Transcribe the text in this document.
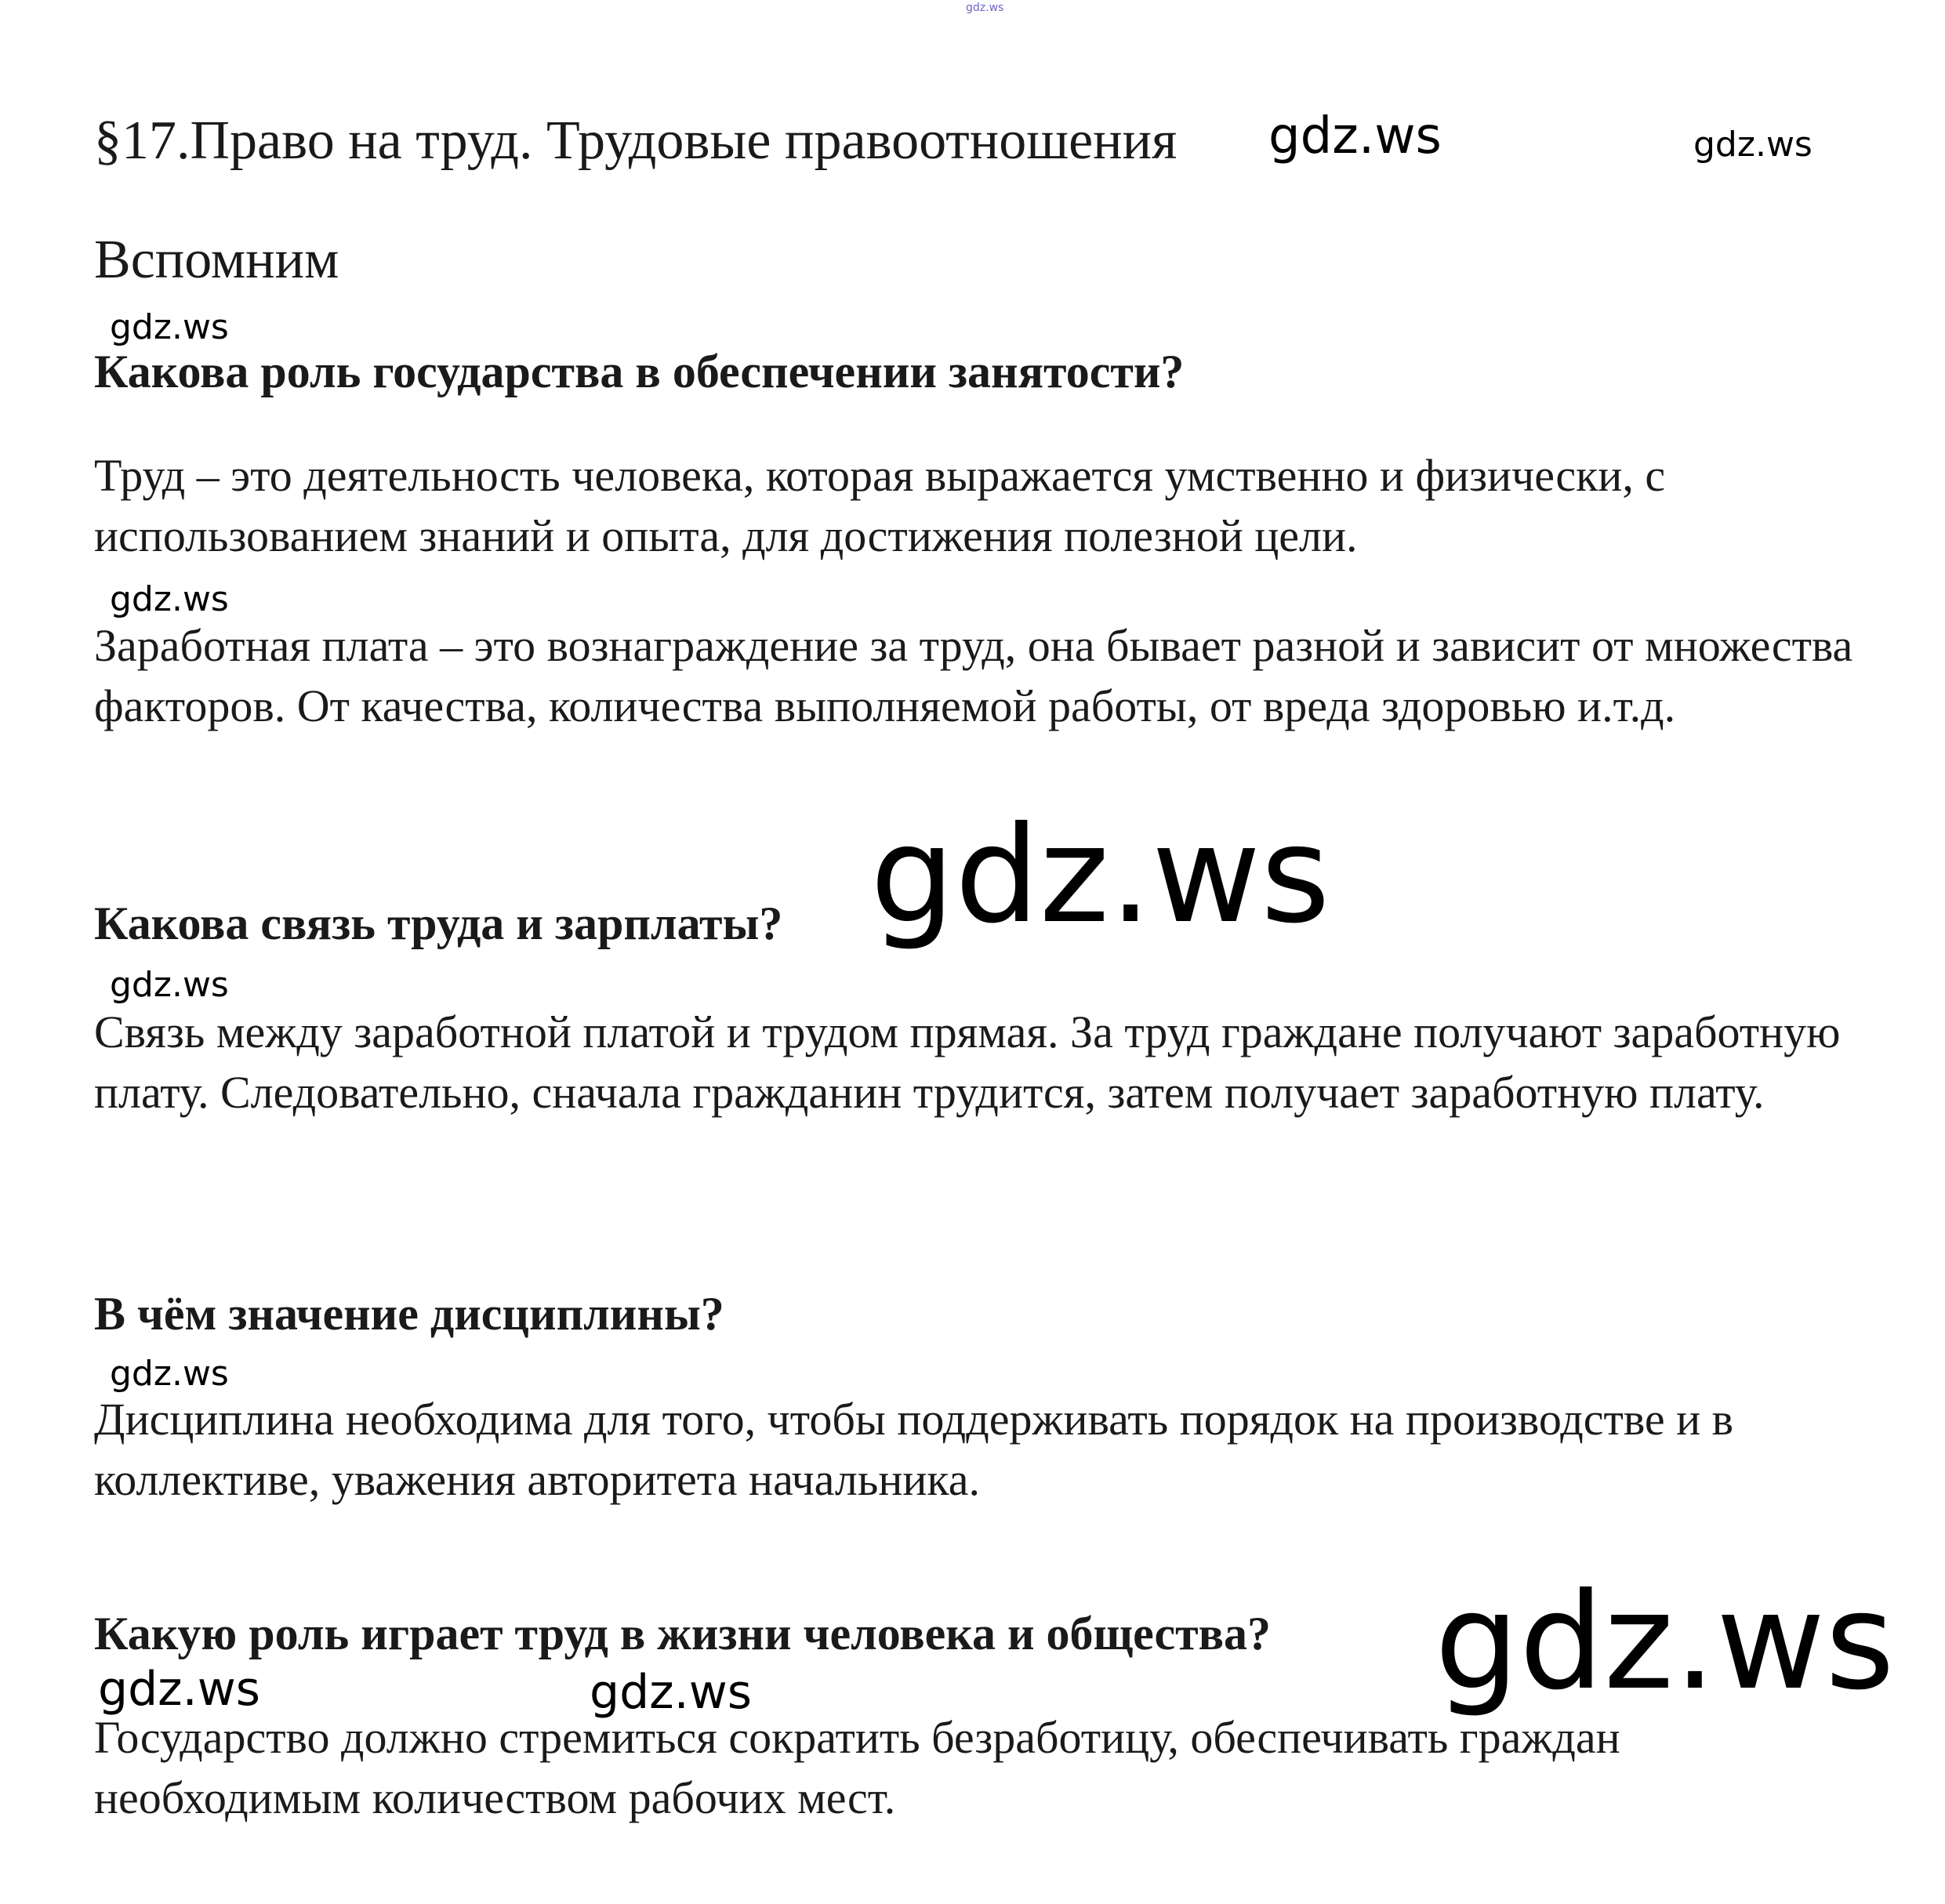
gdz.ws
§17.Право на труд. Трудовые правоотношения gdz.ws	gdz.ws
Вспомним
gdz.ws
Какова роль государства в обеспечении занятости?
Труд – это деятельность человека, которая выражается умственно и физически, с использованием знаний и опыта, для достижения полезной цели.
gdz.ws
Заработная плата – это вознаграждение за труд, она бывает разной и зависит от множества факторов. От качества, количества выполняемой работы, от вреда здоровью и.т.д.
gdz.ws
Какова связь труда и зарплаты?
gdz.ws
Связь между заработной платой и трудом прямая. За труд граждане получают заработную плату. Следовательно, сначала гражданин трудится, затем получает заработную плату.
В чём значение дисциплины?
gdz.ws
Дисциплина необходима для того, чтобы поддерживать порядок на производстве и в коллективе, уважения авторитета начальника.
gdz.ws
Какую роль играет труд в жизни человека и общества?
gdz.ws	gdz.ws
Государство должно стремиться сократить безработицу, обеспечивать граждан необходимым количеством рабочих мест.
